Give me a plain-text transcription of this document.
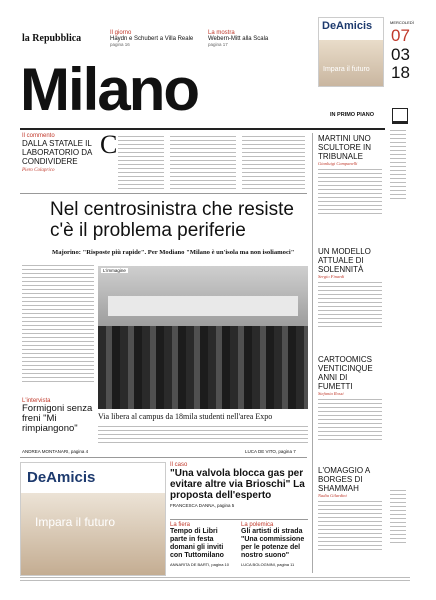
la Repubblica	Il giorno
Haydn e Schubert a Villa Reale
pagina 16
La mostra
Webern-Mitt alla Scala
pagina 17
DeAmicis
Impara il futuro
MERCOLEDÌ
07
03
18
Milano	IN PRIMO PIANO
Il commento
DALLA STATALE IL LABORATORIO DA CONDIVIDERE
Piero Colaprico
C	MARTINI UNO SCULTORE IN TRIBUNALE
Gianluigi Campanelli
UN MODELLO ATTUALE DI SOLENNITÀ
Sergio Finardi
CARTOOMICS VENTICINQUE ANNI DI FUMETTI
Stefania Rossi
L'OMAGGIO A BORGES DI SHAMMAH
Nadia Gilardini
Nel centrosinistra che resiste c'è il problema periferie
Majorino: "Risposte più rapide". Per Modiano "Milano è un'isola ma non isoliamoci"
L'intervista
Formigoni senza freni "Mi rimpiangono"
L'immagine
Via libera al campus da 18mila studenti nell'area Expo
ANDREA MONTANARI, pagina 4	LUCA DE VITO, pagina 7
DeAmicis
Impara il futuro
Il caso
"Una valvola blocca gas per evitare altre via Brioschi" La proposta dell'esperto
FRANCESCA DANNA, pagina 5
La fiera
Tempo di Libri parte in festa domani gli inviti con Tuttomilano
ANNARITA DE BARTI, pagina 10
La polemica
Gli artisti di strada "Una commissione per le potenze del nostro suono"
LUCA BOLOGNINI, pagina 11
